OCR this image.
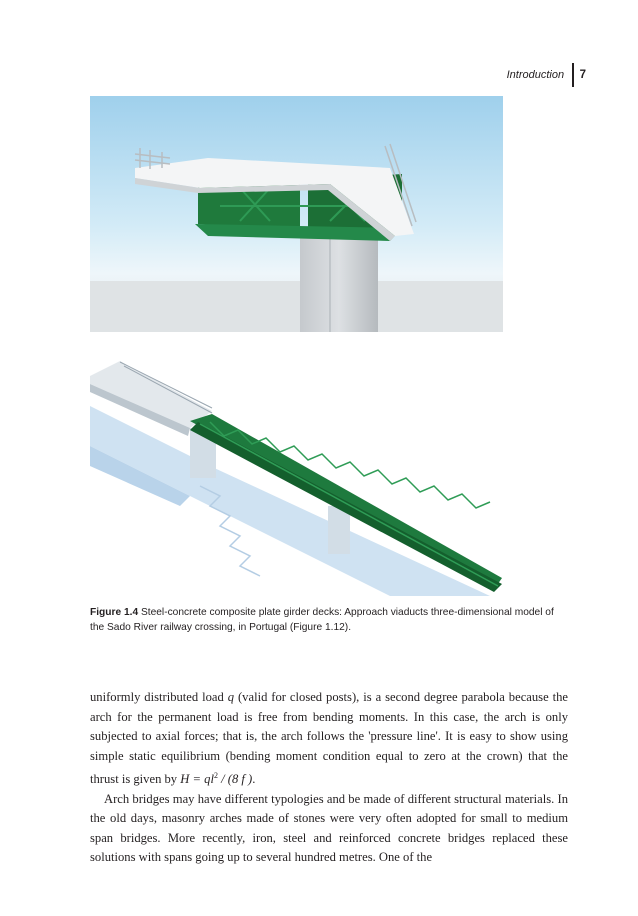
Introduction 7
Figure 1.4 Steel-concrete composite plate girder decks: Approach viaducts three-dimensional model of the Sado River railway crossing, in Portugal (Figure 1.12).

uniformly distributed load q (valid for closed posts), is a second degree parabola because the arch for the permanent load is free from bending moments. In this case, the arch is only subjected to axial forces; that is, the arch follows the 'pressure line'. It is easy to show using simple static equilibrium (bending moment condition equal to zero at the crown) that the thrust is given by $H = ql^2 / (8$ f ).

Arch bridges may have different typologies and be made of different structural materials. In the old days, masonry arches made of stones were very often adopted for small to medium span bridges. More recently, iron, steel and reinforced concrete bridges replaced these solutions with spans going up to several hundred metres. One of the
